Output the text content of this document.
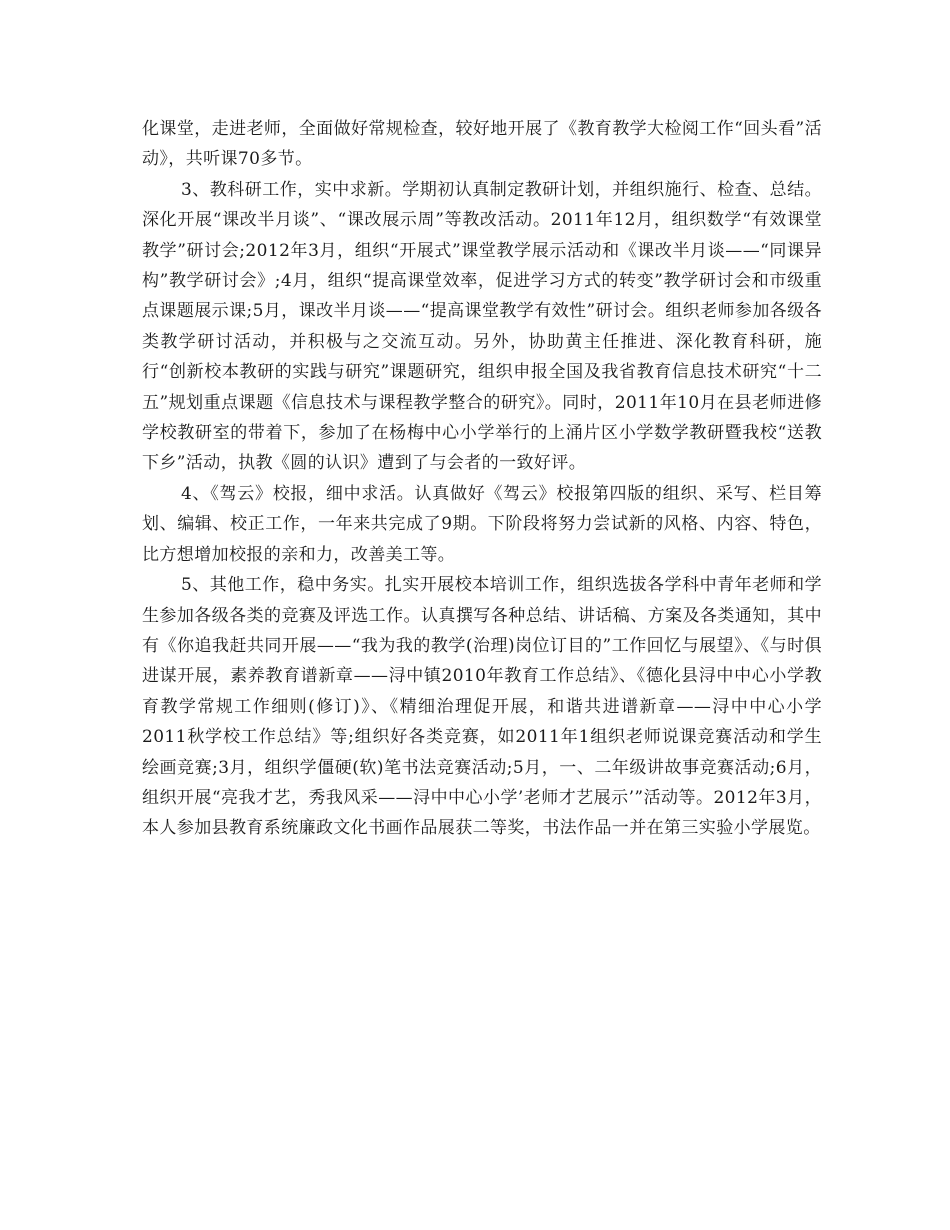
化课堂，走进老师，全面做好常规检查，较好地开展了《教育教学大检阅工作“回头看”活动》，共听课70多节。

3、教科研工作，实中求新。学期初认真制定教研计划，并组织施行、检查、总结。深化开展“课改半月谈”、“课改展示周”等教改活动。2011年12月，组织数学“有效课堂教学”研讨会;2012年3月，组织“开展式”课堂教学展示活动和《课改半月谈——“同课异构”教学研讨会》;4月，组织“提高课堂效率，促进学习方式的转变”教学研讨会和市级重点课题展示课;5月，课改半月谈——“提高课堂教学有效性”研讨会。组织老师参加各级各类教学研讨活动，并积极与之交流互动。另外，协助黄主任推进、深化教育科研，施行“创新校本教研的实践与研究”课题研究，组织申报全国及我省教育信息技术研究“十二五”规划重点课题《信息技术与课程教学整合的研究》。同时，2011年10月在县老师进修学校教研室的带着下，参加了在杨梅中心小学举行的上涌片区小学数学教研暨我校“送教下乡”活动，执教《圆的认识》遭到了与会者的一致好评。

4、《驾云》校报，细中求活。认真做好《驾云》校报第四版的组织、采写、栏目筹划、编辑、校正工作，一年来共完成了9期。下阶段将努力尝试新的风格、内容、特色，比方想增加校报的亲和力，改善美工等。

5、其他工作，稳中务实。扎实开展校本培训工作，组织选拔各学科中青年老师和学生参加各级各类的竞赛及评选工作。认真撰写各种总结、讲话稿、方案及各类通知，其中有《你追我赶共同开展——“我为我的教学(治理)岗位订目的”工作回忆与展望》、《与时俱进谋开展，素养教育谱新章——浔中镇2010年教育工作总结》、《德化县浔中中心小学教育教学常规工作细则(修订)》、《精细治理促开展，和谐共进谱新章——浔中中心小学2011秋学校工作总结》等;组织好各类竞赛，如2011年1组织老师说课竞赛活动和学生绘画竞赛;3月，组织学僵硬(软)笔书法竞赛活动;5月，一、二年级讲故事竞赛活动;6月，组织开展“亮我才艺，秀我风采——浔中中心小学’老师才艺展示’”活动等。2012年3月，本人参加县教育系统廉政文化书画作品展获二等奖，书法作品一并在第三实验小学展览。
